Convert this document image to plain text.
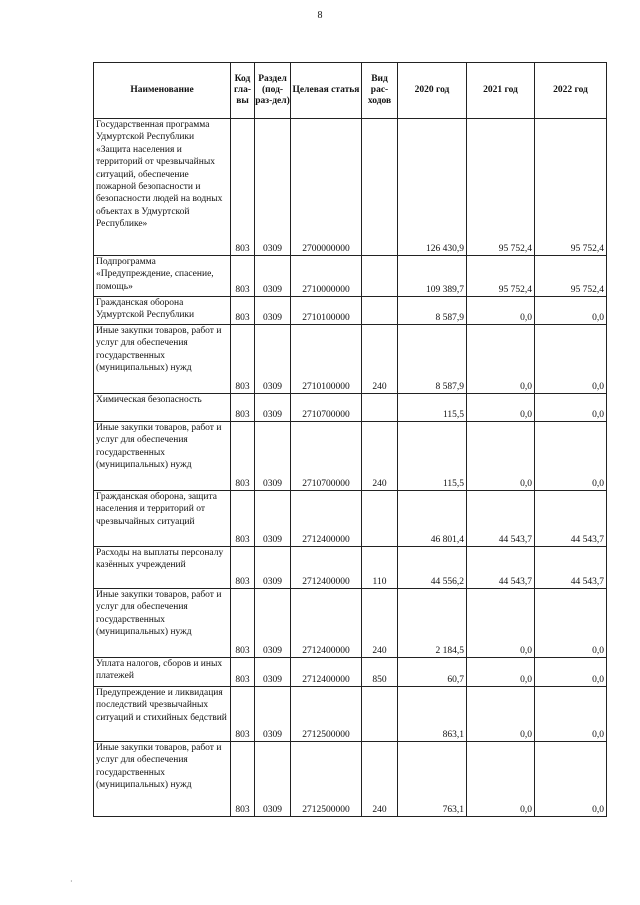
8
Наименование	Код гла-вы	Раздел (под-раз-дел)	Целевая статья	Вид рас-ходов	2020 год	2021 год	2022 год
Государственная программа Удмуртской Республики «Защита населения и территорий от чрезвычайных ситуаций, обеспечение пожарной безопасности и безопасности людей на водных объектах в Удмуртской Республике»	803	0309	2700000000		126 430,9	95 752,4	95 752,4
Подпрограмма «Предупреждение, спасение, помощь»	803	0309	2710000000		109 389,7	95 752,4	95 752,4
Гражданская оборона Удмуртской Республики	803	0309	2710100000		8 587,9	0,0	0,0
Иные закупки товаров, работ и услуг для обеспечения государственных (муниципальных) нужд	803	0309	2710100000	240	8 587,9	0,0	0,0
Химическая безопасность	803	0309	2710700000		115,5	0,0	0,0
Иные закупки товаров, работ и услуг для обеспечения государственных (муниципальных) нужд	803	0309	2710700000	240	115,5	0,0	0,0
Гражданская оборона, защита населения и территорий от чрезвычайных ситуаций	803	0309	2712400000		46 801,4	44 543,7	44 543,7
Расходы на выплаты персоналу казённых учреждений	803	0309	2712400000	110	44 556,2	44 543,7	44 543,7
Иные закупки товаров, работ и услуг для обеспечения государственных (муниципальных) нужд	803	0309	2712400000	240	2 184,5	0,0	0,0
Уплата налогов, сборов и иных платежей	803	0309	2712400000	850	60,7	0,0	0,0
Предупреждение и ликвидация последствий чрезвычайных ситуаций и стихийных бедствий	803	0309	2712500000		863,1	0,0	0,0
Иные закупки товаров, работ и услуг для обеспечения государственных (муниципальных) нужд	803	0309	2712500000	240	763,1	0,0	0,0
·
